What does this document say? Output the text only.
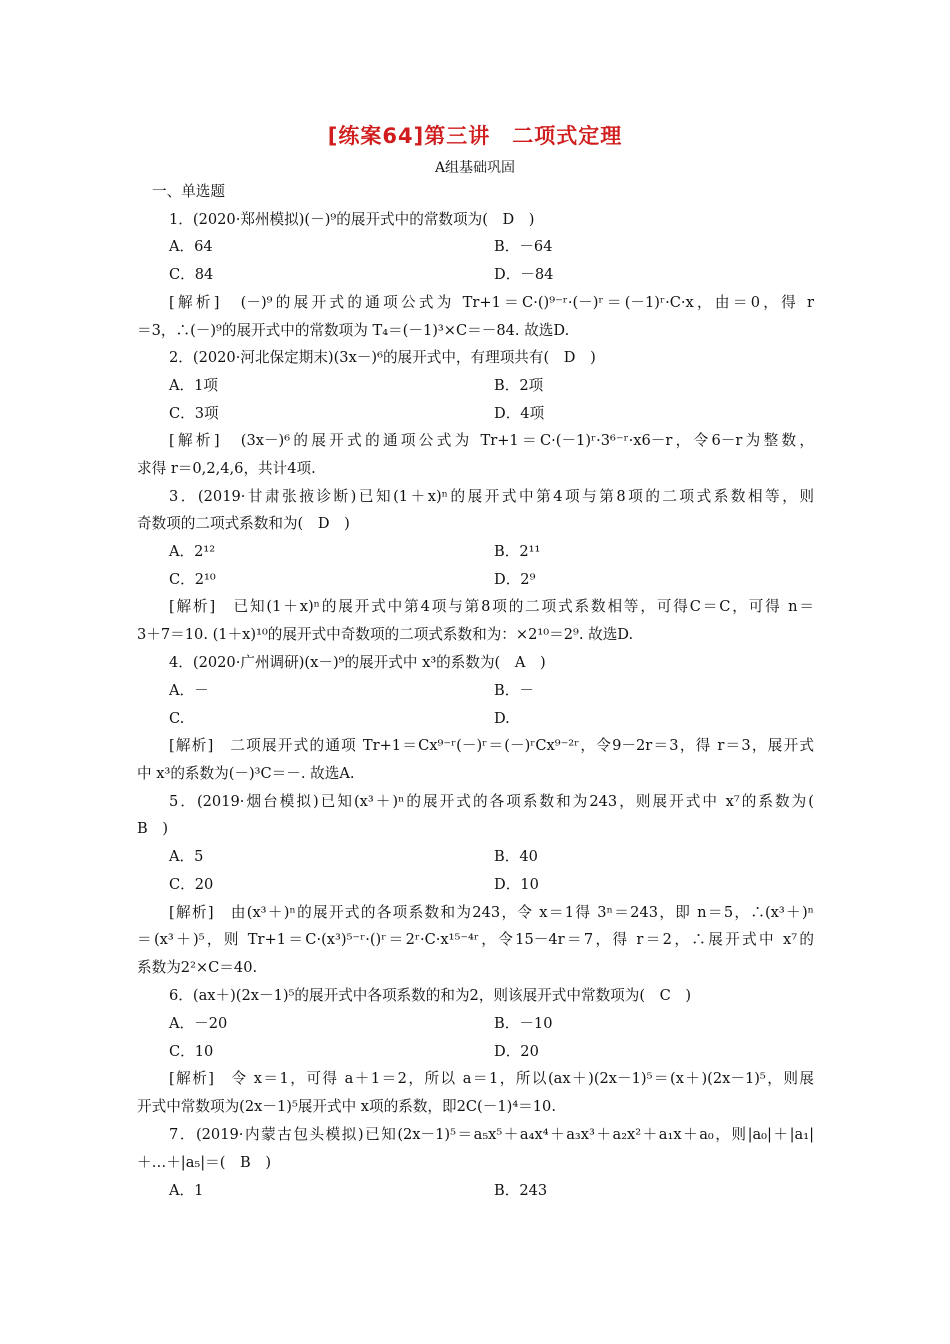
[练案64]第三讲　二项式定理
A组基础巩固
一、单选题
1．(2020·郑州模拟)(－)⁹的展开式中的常数项为(　D　)
A．64	B．－64
C．84	D．－84
[解析]　(－)⁹的展开式的通项公式为 Tr+1＝C·()⁹⁻ʳ·(－)ʳ＝(－1)ʳ·C·x，由＝0，得 r
＝3，∴(－)⁹的展开式中的常数项为 T₄＝(－1)³×C＝－84. 故选D.
2．(2020·河北保定期末)(3x－)⁶的展开式中，有理项共有(　D　)
A．1项	B．2项
C．3项	D．4项
[解析]　(3x－)⁶的展开式的通项公式为 Tr+1＝C·(－1)ʳ·3⁶⁻ʳ·x6－r，令6－r为整数，
求得 r＝0,2,4,6，共计4项.
3．(2019·甘肃张掖诊断)已知(1＋x)ⁿ的展开式中第4项与第8项的二项式系数相等，则
奇数项的二项式系数和为(　D　)
A．2¹²	B．2¹¹
C．2¹⁰	D．2⁹
[解析]　已知(1＋x)ⁿ的展开式中第4项与第8项的二项式系数相等，可得C＝C，可得 n＝
3＋7＝10. (1＋x)¹⁰的展开式中奇数项的二项式系数和为：×2¹⁰＝2⁹. 故选D.
4．(2020·广州调研)(x－)⁹的展开式中 x³的系数为(　A　)
A．－	B．－
C.	D.
[解析]　二项展开式的通项 Tr+1＝Cx⁹⁻ʳ(－)ʳ＝(－)ʳCx⁹⁻²ʳ，令9－2r＝3，得 r＝3，展开式
中 x³的系数为(－)³C＝－. 故选A.
5．(2019·烟台模拟)已知(x³＋)ⁿ的展开式的各项系数和为243，则展开式中 x⁷的系数为(
B　)
A．5	B．40
C．20	D．10
[解析]　由(x³＋)ⁿ的展开式的各项系数和为243，令 x＝1得 3ⁿ＝243，即 n＝5，∴(x³＋)ⁿ
＝(x³＋)⁵，则 Tr+1＝C·(x³)⁵⁻ʳ·()ʳ＝2ʳ·C·x¹⁵⁻⁴ʳ，令15－4r＝7，得 r＝2，∴展开式中 x⁷的
系数为2²×C＝40.
6．(ax＋)(2x－1)⁵的展开式中各项系数的和为2，则该展开式中常数项为(　C　)
A．－20	B．－10
C．10	D．20
[解析]　令 x＝1，可得 a＋1＝2，所以 a＝1，所以(ax＋)(2x－1)⁵＝(x＋)(2x－1)⁵，则展
开式中常数项为(2x－1)⁵展开式中 x项的系数，即2C(－1)⁴＝10.
7．(2019·内蒙古包头模拟)已知(2x－1)⁵＝a₅x⁵＋a₄x⁴＋a₃x³＋a₂x²＋a₁x＋a₀，则|a₀|＋|a₁|
＋…＋|a₅|＝(　B　)
A．1	B．243
